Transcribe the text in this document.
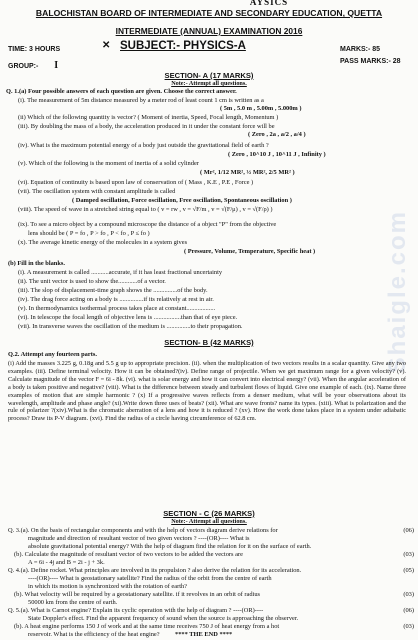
AYSICS
BALOCHISTAN BOARD OF INTERMEDIATE AND SECONDARY EDUCATION, QUETTA
INTERMEDIATE (ANNUAL) EXAMINATION 2016
TIME: 3 HOURS
GROUP:- I
✕ SUBJECT:- PHYSICS-A	MARKS:- 85
PASS MARKS:- 28
Shaigle.com
SECTION- A (17 MARKS)
Note:- Attempt all questions.
Q. 1.(a) Four possible answers of each question are given. Choose the correct answer.
(i). The measurement of 5m distance measured by a meter rod of least count 1 cm is written as a
( 5m , 5.0 m , 5.00m , 5.000m )
(ii) Which of the following quantity is vector? ( Moment of inertia, Speed, Focal length, Momentum )
(iii). By doubling the mass of a body, the acceleration produced in it under the constant force will be
( Zero , 2a , a/2 , a/4 )
(iv). What is the maximum potential energy of a body just outside the gravitational field of earth ?
( Zero , 10^10 J , 10^11 J , Infinity )
(v). Which of the following is the moment of inertia of a solid cylinder
( Mr², 1/12 MR², ½ MR², 2/5 MR² )
(vi). Equation of continuity is based upon law of conservation of ( Mass , K.E , P.E , Force )
(vii). The oscillation system with constant amplitude is called
( Damped oscillation, Force oscillation, Free oscillation, Spontaneous oscillation )
(viii). The speed of wave in a stretched string equal to ( v = rw , v = √F/m , v = √(F/μ) , v = √(F/ρ) )
(ix). To see a micro object by a compound microscope the distance of a object "P" from the objective
lens should be ( P = fo , P > fo , P < fo , P ≤ fo )
(x). The average kinetic energy of the molecules in a system gives
( Pressure, Volume, Temperature, Specific heat )
(b) Fill in the blanks.
(i). A measurement is called ...........accurate, if it has least fractional uncertainty
(ii). The unit vector is used to show the............of a vector.
(iii). The slop of displacement-time graph shows the ...............of the body.
(iv). The drag force acting on a body is ...............if its relatively at rest in air.
(v). In thermodynamics isothermal process takes place at constant..................
(vi). In telescope the focal length of objective lens is .................than that of eye piece.
(vii). In transverse waves the oscillation of the medium is ...............to their propagation.
SECTION- B (42 MARKS)
Q.2. Attempt any fourteen parts.
(i) Add the masses 3.225 g, 0.18g and 5.5 g up to appropriate precision. (ii). when the multiplication of two vectors results in a scalar quantity. Give any two examples. (iii). Define terminal velocity. How it can be obtained?(iv). Define range of projectile. When we get maximum range for a given velocity? (v). Calculate magnitude of the vector F = 6i - 8k. (vi). what is solar energy and how it can convert into electrical energy? (vii). When the angular acceleration of a body is taken positive and negative? (viii). What is the difference between steady and turbulent flows of liquid. Give one example of each. (ix). Name three examples of motion that are simple harmonic ? (x) If a progressive waves reflects from a denser medium, what will be your observations about its wavelength, amplitude and phase angle? (xi).Write down three uses of beats? (xii). What are wave fronts? name its types. (xiii). What is polarization and the rule of polarizer ?(xiv).What is the chromatic aberration of a lens and how it is reduced ? (xv). How the work done takes place in a system under adiabatic process? Draw its P-V diagram. (xvi). Find the radius of a circle having circumference of 62.8 cm.
SECTION - C (26 MARKS)
Note:- Attempt all questions.
Q. 3.(a). On the basis of rectangular components and with the help of vectors diagram derive relations for	(06)
magnitude and direction of resultant vector of two given vectors ? ----(OR)---- What is
absolute gravitational potential energy? With the help of diagram find the relation for it on the surface of earth.
(b). Calculate the magnitude of resultant vector of two vectors to be added the vectors are	(03)
A = 6i - 4j and B = 2i - j + 3k.
Q. 4.(a). Define rocket. What principles are involved in its propulsion ? also derive the relation for its acceleration.	(05)
----(OR)---- What is geostationary satellite? Find the radius of the orbit from the centre of earth
in which its motion is synchronized with the rotation of earth?
(b). What velocity will be required by a geostationary satellite. if it revolves in an orbit of radius	(03)
50000 km from the centre of earth.
Q. 5.(a). What is Carnot engine? Explain its cyclic operation with the help of diagram ? ----(OR)----	(06)
State Doppler's effect. Find the apparent frequency of sound when the source is approaching the observer.
(b). A heat engine performs 150 J of work and at the same time receives 750 J of heat energy from a hot	(03)
reservoir. What is the efficiency of the heat engine? **** THE END ****
